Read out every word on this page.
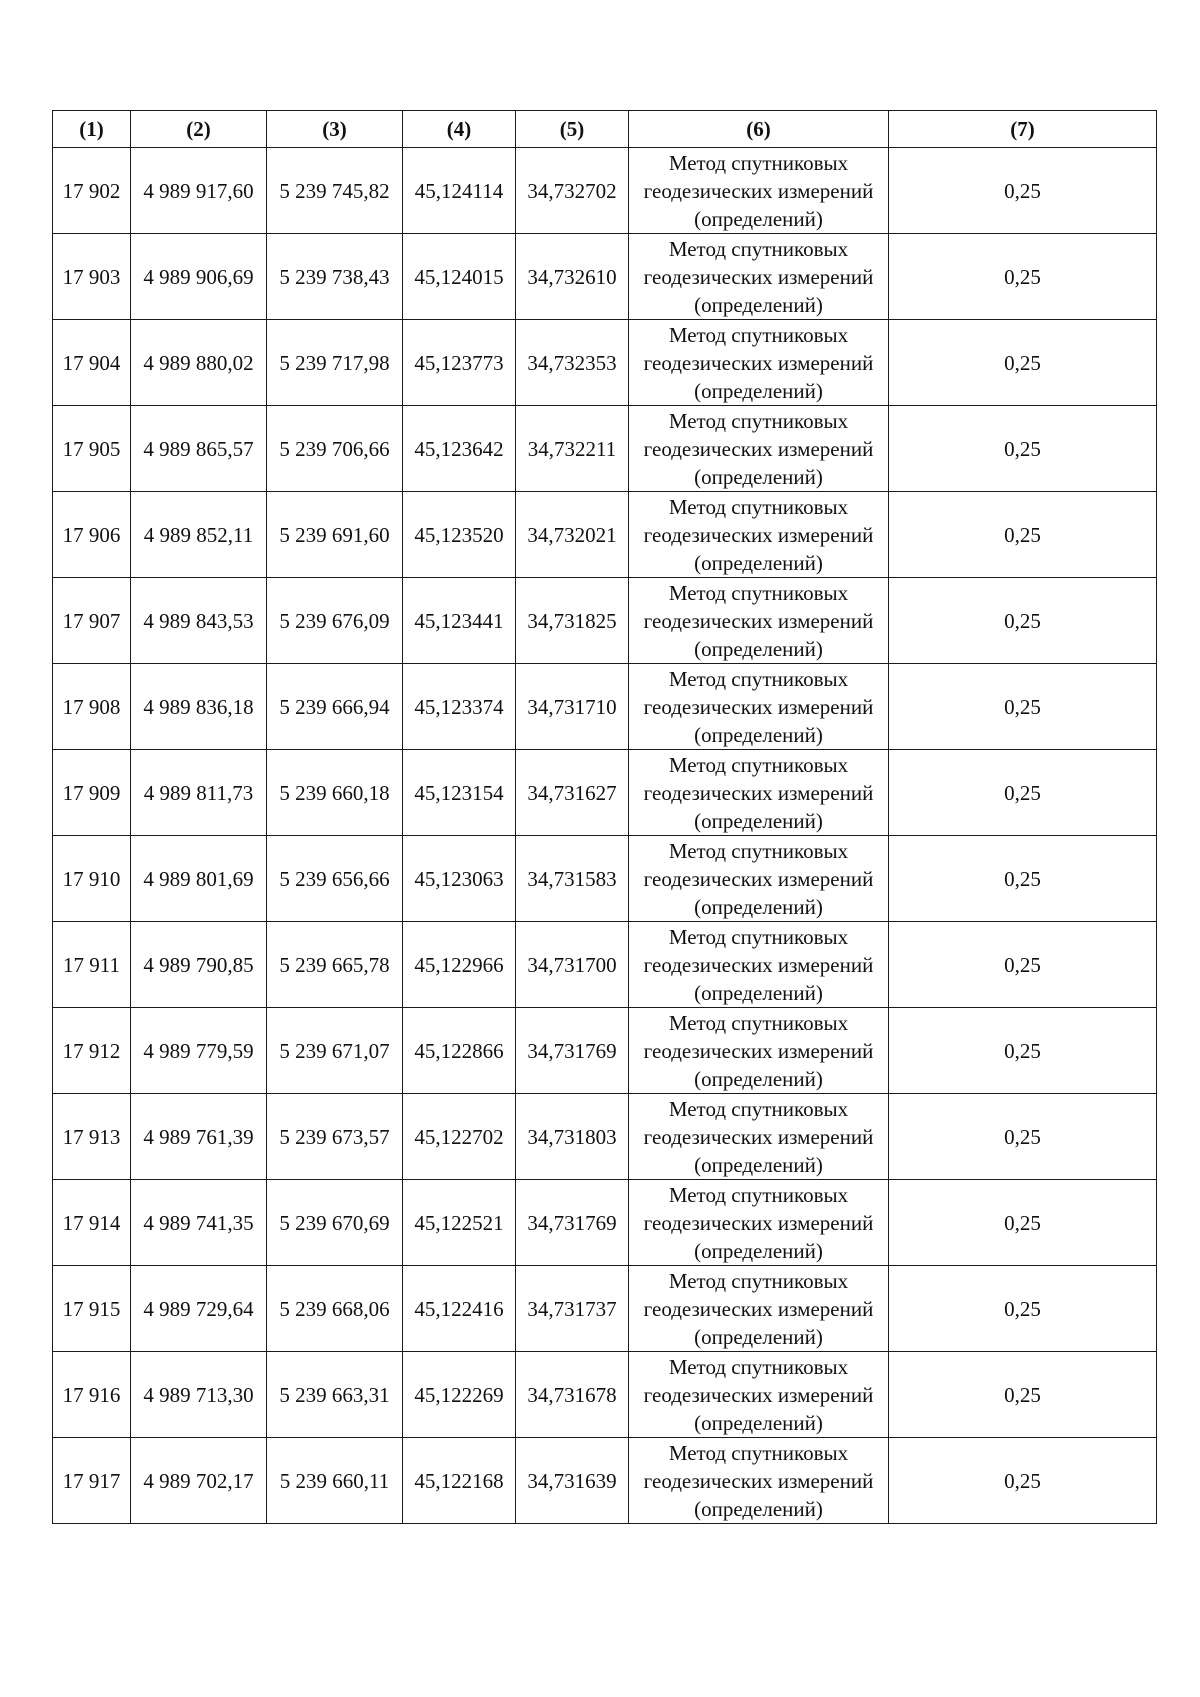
(1)	(2)	(3)	(4)	(5)	(6)	(7)
17 902	4 989 917,60	5 239 745,82	45,124114	34,732702	Метод спутниковых
геодезических измерений
(определений)	0,25
17 903	4 989 906,69	5 239 738,43	45,124015	34,732610	Метод спутниковых
геодезических измерений
(определений)	0,25
17 904	4 989 880,02	5 239 717,98	45,123773	34,732353	Метод спутниковых
геодезических измерений
(определений)	0,25
17 905	4 989 865,57	5 239 706,66	45,123642	34,732211	Метод спутниковых
геодезических измерений
(определений)	0,25
17 906	4 989 852,11	5 239 691,60	45,123520	34,732021	Метод спутниковых
геодезических измерений
(определений)	0,25
17 907	4 989 843,53	5 239 676,09	45,123441	34,731825	Метод спутниковых
геодезических измерений
(определений)	0,25
17 908	4 989 836,18	5 239 666,94	45,123374	34,731710	Метод спутниковых
геодезических измерений
(определений)	0,25
17 909	4 989 811,73	5 239 660,18	45,123154	34,731627	Метод спутниковых
геодезических измерений
(определений)	0,25
17 910	4 989 801,69	5 239 656,66	45,123063	34,731583	Метод спутниковых
геодезических измерений
(определений)	0,25
17 911	4 989 790,85	5 239 665,78	45,122966	34,731700	Метод спутниковых
геодезических измерений
(определений)	0,25
17 912	4 989 779,59	5 239 671,07	45,122866	34,731769	Метод спутниковых
геодезических измерений
(определений)	0,25
17 913	4 989 761,39	5 239 673,57	45,122702	34,731803	Метод спутниковых
геодезических измерений
(определений)	0,25
17 914	4 989 741,35	5 239 670,69	45,122521	34,731769	Метод спутниковых
геодезических измерений
(определений)	0,25
17 915	4 989 729,64	5 239 668,06	45,122416	34,731737	Метод спутниковых
геодезических измерений
(определений)	0,25
17 916	4 989 713,30	5 239 663,31	45,122269	34,731678	Метод спутниковых
геодезических измерений
(определений)	0,25
17 917	4 989 702,17	5 239 660,11	45,122168	34,731639	Метод спутниковых
геодезических измерений
(определений)	0,25
